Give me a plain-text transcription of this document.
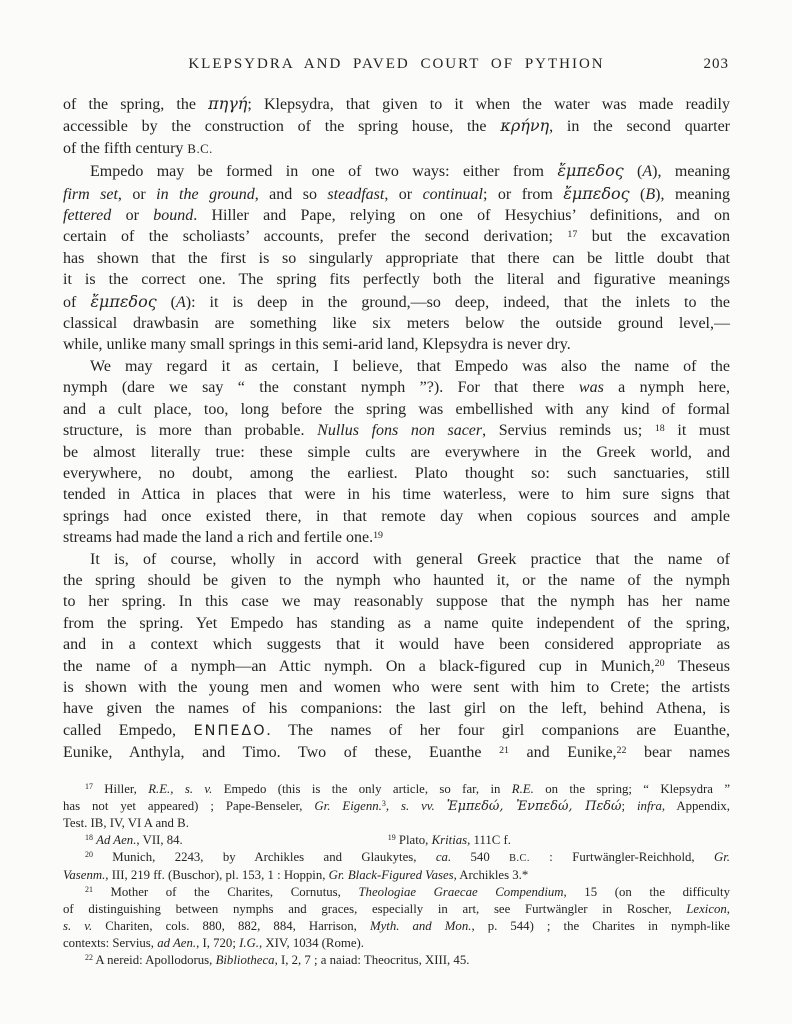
KLEPSYDRA AND PAVED COURT OF PYTHION	203
of the spring, the πηγή; Klepsydra, that given to it when the water was made readily
accessible by the construction of the spring house, the κρήνη, in the second quarter
of the fifth century B.C.
Empedo may be formed in one of two ways: either from ἔμπεδος (A), meaning
firm set, or in the ground, and so steadfast, or continual; or from ἔμπεδος (B), meaning
fettered or bound. Hiller and Pape, relying on one of Hesychius’ definitions, and on
certain of the scholiasts’ accounts, prefer the second derivation; $^{17}$ but the excavation
has shown that the first is so singularly appropriate that there can be little doubt that
it is the correct one. The spring fits perfectly both the literal and figurative meanings
of ἔμπεδος (A): it is deep in the ground,—so deep, indeed, that the inlets to the
classical drawbasin are something like six meters below the outside ground level,—
while, unlike many small springs in this semi-arid land, Klepsydra is never dry.
We may regard it as certain, I believe, that Empedo was also the name of the
nymph (dare we say “ the constant nymph ”?). For that there was a nymph here,
and a cult place, too, long before the spring was embellished with any kind of formal
structure, is more than probable. Nullus fons non sacer, Servius reminds us; $^{18}$ it must
be almost literally true: these simple cults are everywhere in the Greek world, and
everywhere, no doubt, among the earliest. Plato thought so: such sanctuaries, still
tended in Attica in places that were in his time waterless, were to him sure signs that
springs had once existed there, in that remote day when copious sources and ample
streams had made the land a rich and fertile one.$^{19}$
It is, of course, wholly in accord with general Greek practice that the name of
the spring should be given to the nymph who haunted it, or the name of the nymph
to her spring. In this case we may reasonably suppose that the nymph has her name
from the spring. Yet Empedo has standing as a name quite independent of the spring,
and in a context which suggests that it would have been considered appropriate as
the name of a nymph—an Attic nymph. On a black-figured cup in Munich,$^{20}$ Theseus
is shown with the young men and women who were sent with him to Crete; the artists
have given the names of his companions: the last girl on the left, behind Athena, is
called Empedo, ΕΝΠΕΔΟ. The names of her four girl companions are Euanthe,
Eunike, Anthyla, and Timo. Two of these, Euanthe $^{21}$ and Eunike,$^{22}$ bear names
$^{17}$ Hiller, R.E., s. v. Empedo (this is the only article, so far, in R.E. on the spring; “ Klepsydra ”
has not yet appeared) ; Pape-Benseler, Gr. Eigenn.$^3$, s. vv. Ἐμπεδώ, Ἐνπεδώ, Πεδώ; infra, Appendix,
Test. IB, IV, VI A and B.
$^{18}$ Ad Aen., VII, 84.	$^{19}$ Plato, Kritias, 111C f.
$^{20}$ Munich, 2243, by Archikles and Glaukytes, ca. 540 B.C. : Furtwängler-Reichhold, Gr.
Vasenm., III, 219 ff. (Buschor), pl. 153, 1 : Hoppin, Gr. Black-Figured Vases, Archikles 3.*
$^{21}$ Mother of the Charites, Cornutus, Theologiae Graecae Compendium, 15 (on the difficulty
of distinguishing between nymphs and graces, especially in art, see Furtwängler in Roscher, Lexicon,
s. v. Chariten, cols. 880, 882, 884, Harrison, Myth. and Mon., p. 544) ; the Charites in nymph-like
contexts: Servius, ad Aen., I, 720; I.G., XIV, 1034 (Rome).
$^{22}$ A nereid: Apollodorus, Bibliotheca, I, 2, 7 ; a naiad: Theocritus, XIII, 45.
